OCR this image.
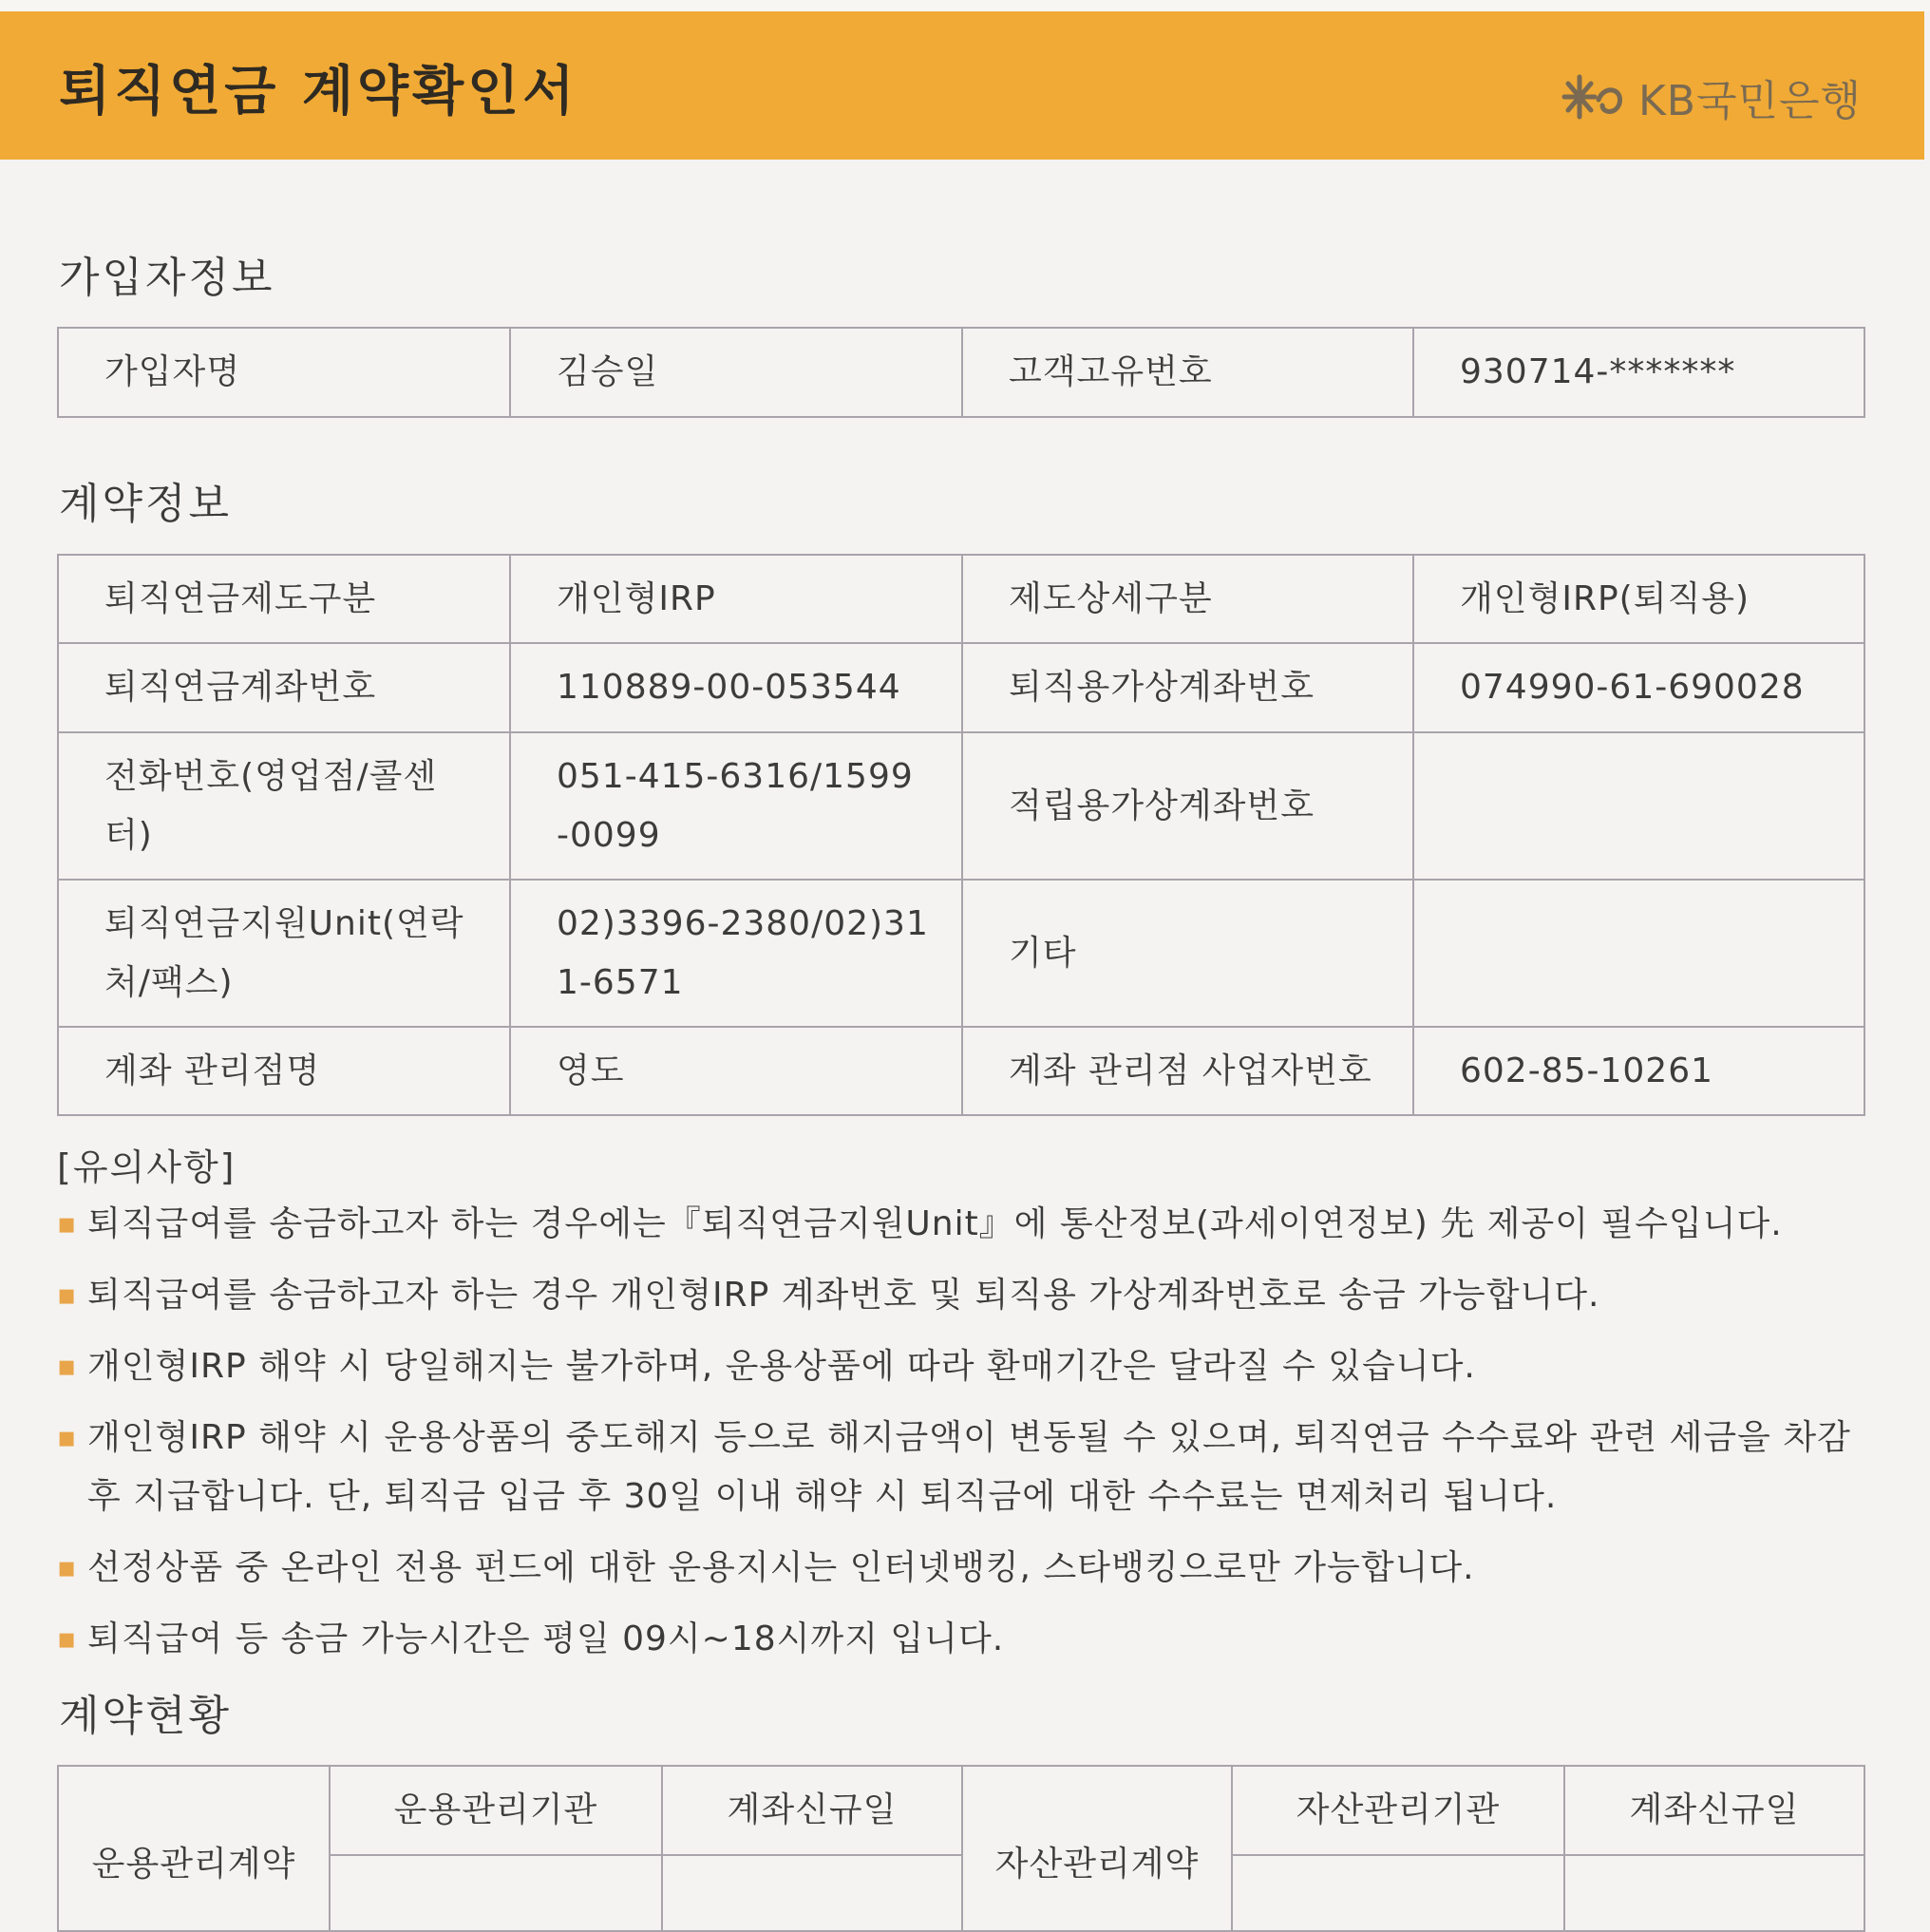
퇴직연금 계약확인서	KB국민은행
가입자정보
가입자명	김승일	고객고유번호	930714-*******
계약정보
퇴직연금제도구분	개인형IRP	제도상세구분	개인형IRP(퇴직용)
퇴직연금계좌번호	110889-00-053544	퇴직용가상계좌번호	074990-61-690028
전화번호(영업점/콜센터)	051-415-6316/1599-0099	적립용가상계좌번호	
퇴직연금지원Unit(연락처/팩스)	02)3396-2380/02)311-6571	기타	
계좌 관리점명	영도	계좌 관리점 사업자번호	602-85-10261
[유의사항]
▪ 퇴직급여를 송금하고자 하는 경우에는『퇴직연금지원Unit』에 통산정보(과세이연정보) 先 제공이 필수입니다.
▪ 퇴직급여를 송금하고자 하는 경우 개인형IRP 계좌번호 및 퇴직용 가상계좌번호로 송금 가능합니다.
▪ 개인형IRP 해약 시 당일해지는 불가하며, 운용상품에 따라 환매기간은 달라질 수 있습니다.
▪ 개인형IRP 해약 시 운용상품의 중도해지 등으로 해지금액이 변동될 수 있으며, 퇴직연금 수수료와 관련 세금을 차감 후 지급합니다. 단, 퇴직금 입금 후 30일 이내 해약 시 퇴직금에 대한 수수료는 면제처리 됩니다.
▪ 선정상품 중 온라인 전용 펀드에 대한 운용지시는 인터넷뱅킹, 스타뱅킹으로만 가능합니다.
▪ 퇴직급여 등 송금 가능시간은 평일 09시~18시까지 입니다.
계약현황
운용관리계약	운용관리기관	계좌신규일	자산관리계약	자산관리기관	계좌신규일
